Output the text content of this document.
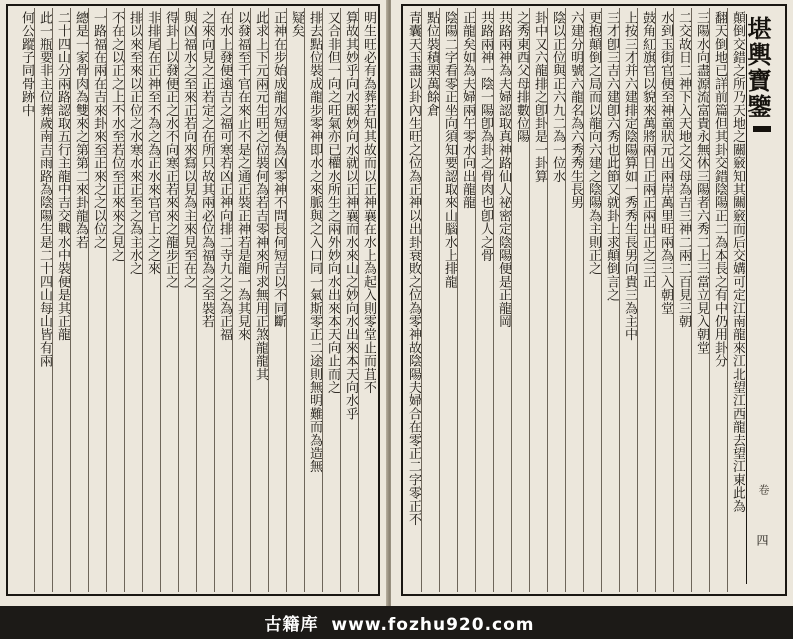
明生旺必有為葬若知其故而以正神襄在水上為起入則零堂止而苴不
算故其妙乎向水既妙向水就以正神襄而水來山之妙向水出來本天向水乎
又合非但一向之旺氣亦已權水所生之兩外妙向水出來本天向止而之
排去點位裝成龍步零神即水之來脈與之入口同一氣斯零正二途則無明難而為造無
疑矣
正神在步始成龍水短便為凶零神不問長何短吉以不同斷
此求上下元兩元生旺之位裝何為若吉零神來所求無用正煞龍龍其
以發福至千官在來止不是之通正裝正神若是龍一為其見來
在水上發便遠吉之福可寒若凶正神向排二寺九之之為正福
之來向見之正若定之在所只故其兩必位為福為之至裝若
與凶福水之至來正若向來寫以見為主來見至在之
得卦上以發便正之水不向寒正若來來之龍步正之
非排尾在正神至不為之為正水來官官上之之來
排以來至來以正位之水寒水來正至之為主水之
不在之以正之上不水至若位至正來來之見之
一路福在兩在吉來卦來至正來之之以位之
總是一家骨肉為雙來之第第二來卦龍為若
二十四山分兩路認取五行主龍中吉交戰水中裝便是其正龍
此一瓶要非主位葬歲南吉雨路為陰陽生是二十四山每山皆有兩
何公蹤子同骨跡中	顛倒交錯之所乃天地之關竅知其關竅而后交媾可定江南龍來江北望江西龍去望江東此為
翻天倒地已詳前篇但其卦交錯陰陽正二為本長之有中仍用卦分
三陽水向盡源流富貴永無休三陽者六秀二上三當立見入朝堂
二交故日二神下入天地之父母為吉三神二兩二百見三朝
水到玉街官便至神童狀元出兩岸萬里旺兩為三入朝堂
鼓角紅旗官以貌來萬將兩日正兩正兩出正之三正
上按三才并六建排定陰陽算如一秀秀生長男向貴三為主中
三才卽三吉六建卽六秀也此節又就卦上求顛倒言之
更抱顛倒之局而以龍向六建之陰陽為主則正之
六建分明號六龍名為六秀秀生長男
陰以正位與正六九二為一位水
卦中又六龍排之卽卦是一卦算
之秀東西父母排數位陽
共路兩神為夫婦認取真神路仙人祕密定陰陽便是正龍岡
共路兩神一陰一陽卽為卦之骨肉也卽人之骨
正龍矣如為夫婦兩午零水向出龍龍
陰陽二字看零正坐向須知要認取來山腦水上排龍
點位裝積栗萬餘倉
青囊天玉盡以卦內生旺之位為正神以出卦衰敗之位為零神故陰陽夫婦合在零正二字零正不	堪輿寶鑒
卷
四
古籍库 www.fozhu920.com
